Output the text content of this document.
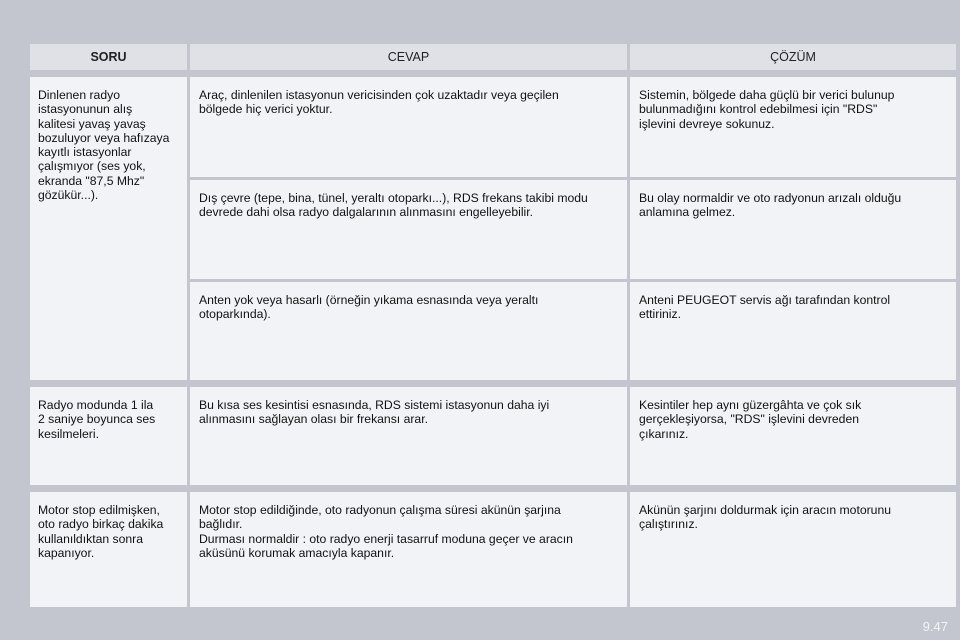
SORU	CEVAP	ÇÖZÜM
Dinlenen radyo
istasyonunun alış
kalitesi yavaş yavaş
bozuluyor veya hafızaya
kayıtlı istasyonlar
çalışmıyor (ses yok,
ekranda "87,5 Mhz"
gözükür...).
Araç, dinlenilen istasyonun vericisinden çok uzaktadır veya geçilen
bölgede hiç verici yoktur.
Sistemin, bölgede daha güçlü bir verici bulunup
bulunmadığını kontrol edebilmesi için "RDS"
işlevini devreye sokunuz.
Dış çevre (tepe, bina, tünel, yeraltı otoparkı...), RDS frekans takibi modu
devrede dahi olsa radyo dalgalarının alınmasını engelleyebilir.
Bu olay normaldir ve oto radyonun arızalı olduğu
anlamına gelmez.
Anten yok veya hasarlı (örneğin yıkama esnasında veya yeraltı
otoparkında).
Anteni PEUGEOT servis ağı tarafından kontrol
ettiriniz.
Radyo modunda 1 ila
2 saniye boyunca ses
kesilmeleri.
Bu kısa ses kesintisi esnasında, RDS sistemi istasyonun daha iyi
alınmasını sağlayan olası bir frekansı arar.
Kesintiler hep aynı güzergâhta ve çok sık
gerçekleşiyorsa, "RDS" işlevini devreden
çıkarınız.
Motor stop edilmişken,
oto radyo birkaç dakika
kullanıldıktan sonra
kapanıyor.
Motor stop edildiğinde, oto radyonun çalışma süresi akünün şarjına
bağlıdır.
Durması normaldir : oto radyo enerji tasarruf moduna geçer ve aracın
aküsünü korumak amacıyla kapanır.
Akünün şarjını doldurmak için aracın motorunu
çalıştırınız.
9.47
